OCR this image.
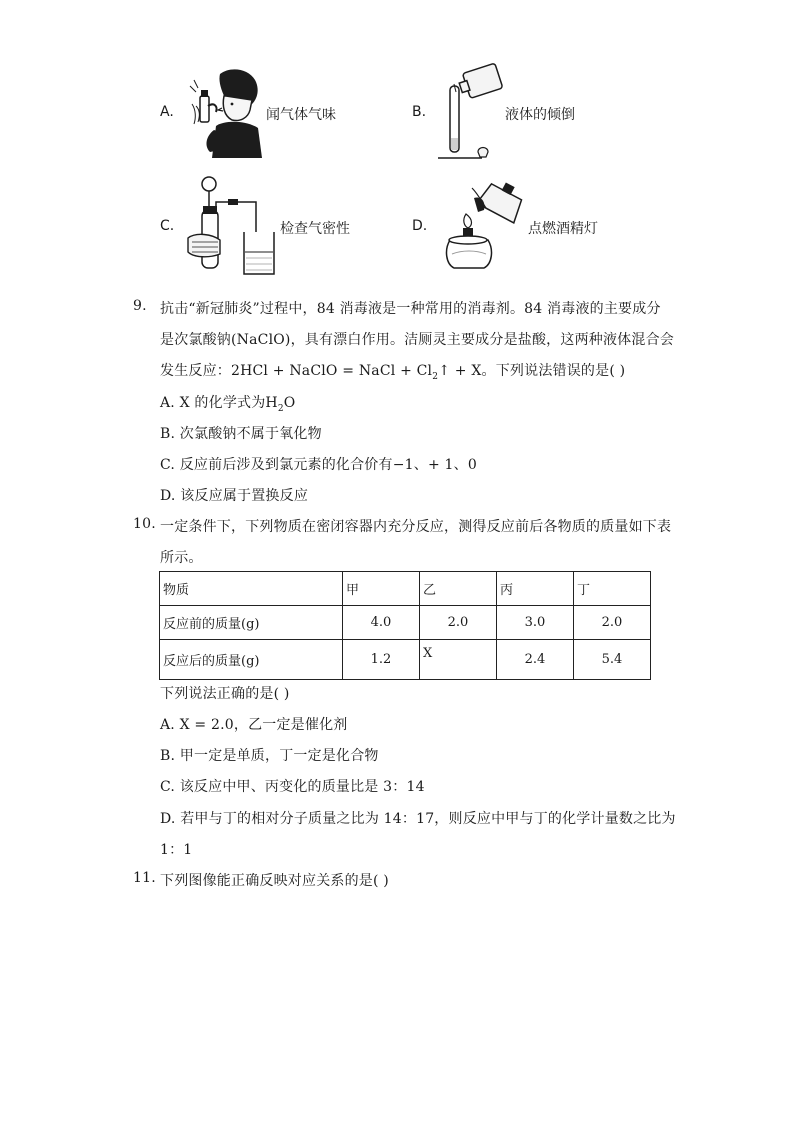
A.	闻气体气味	B.	液体的倾倒
C.	检查气密性	D.	点燃酒精灯
9. 抗击“新冠肺炎”过程中，84 消毒液是一种常用的消毒剂。84 消毒液的主要成分
是次氯酸钠(NaClO)，具有漂白作用。洁厕灵主要成分是盐酸，这两种液体混合会
发生反应：2HCl + NaClO = NaCl + $Cl_2↑ + X$。下列说法错误的是( )
A. X 的化学式为$H_2O$
B. 次氯酸钠不属于氧化物
C. 反应前后涉及到氯元素的化合价有−1、+ 1、0
D. 该反应属于置换反应
10. 一定条件下，下列物质在密闭容器内充分反应，测得反应前后各物质的质量如下表
所示。
物质	甲	乙	丙	丁
反应前的质量(g)	4.0	2.0	3.0	2.0
反应后的质量(g)	1.2	X	2.4	5.4
下列说法正确的是( )
A. X = 2.0，乙一定是催化剂
B. 甲一定是单质，丁一定是化合物
C. 该反应中甲、丙变化的质量比是 3：14
D. 若甲与丁的相对分子质量之比为 14：17，则反应中甲与丁的化学计量数之比为
1：1
11. 下列图像能正确反映对应关系的是( )
